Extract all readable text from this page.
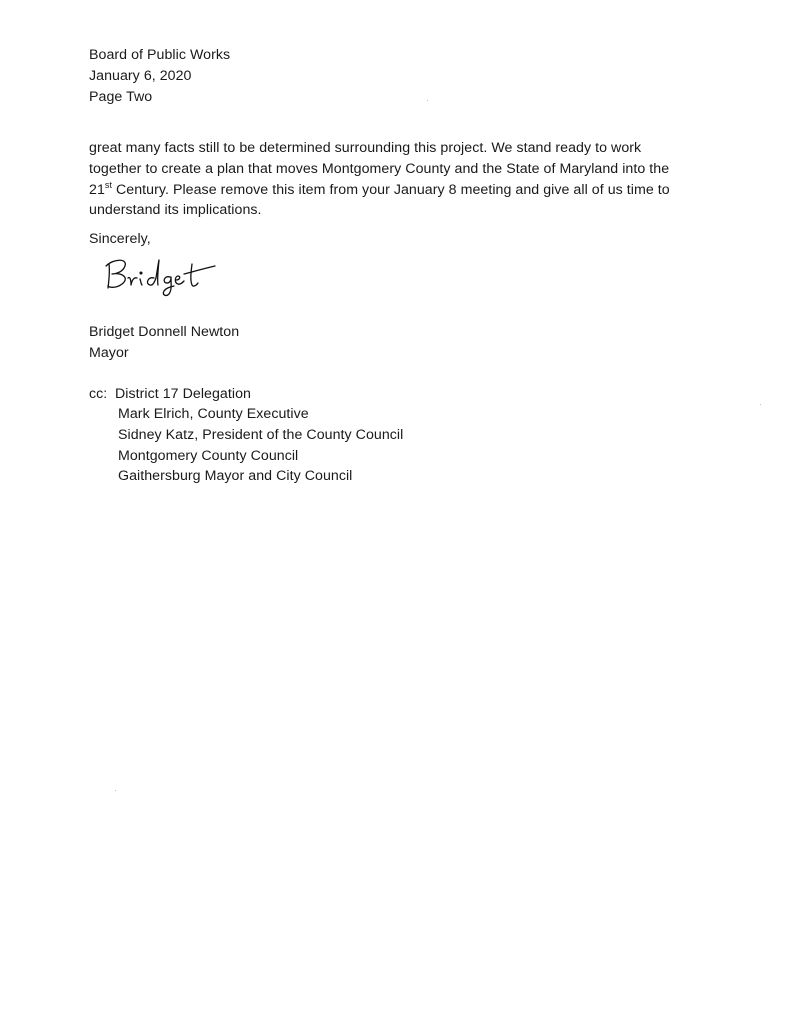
Board of Public Works
January 6, 2020
Page Two
great many facts still to be determined surrounding this project. We stand ready to work
together to create a plan that moves Montgomery County and the State of Maryland into the
21st Century. Please remove this item from your January 8 meeting and give all of us time to
understand its implications.
Sincerely,
Bridget Donnell Newton
Mayor
cc: District 17 Delegation
Mark Elrich, County Executive
Sidney Katz, President of the County Council
Montgomery County Council
Gaithersburg Mayor and City Council
